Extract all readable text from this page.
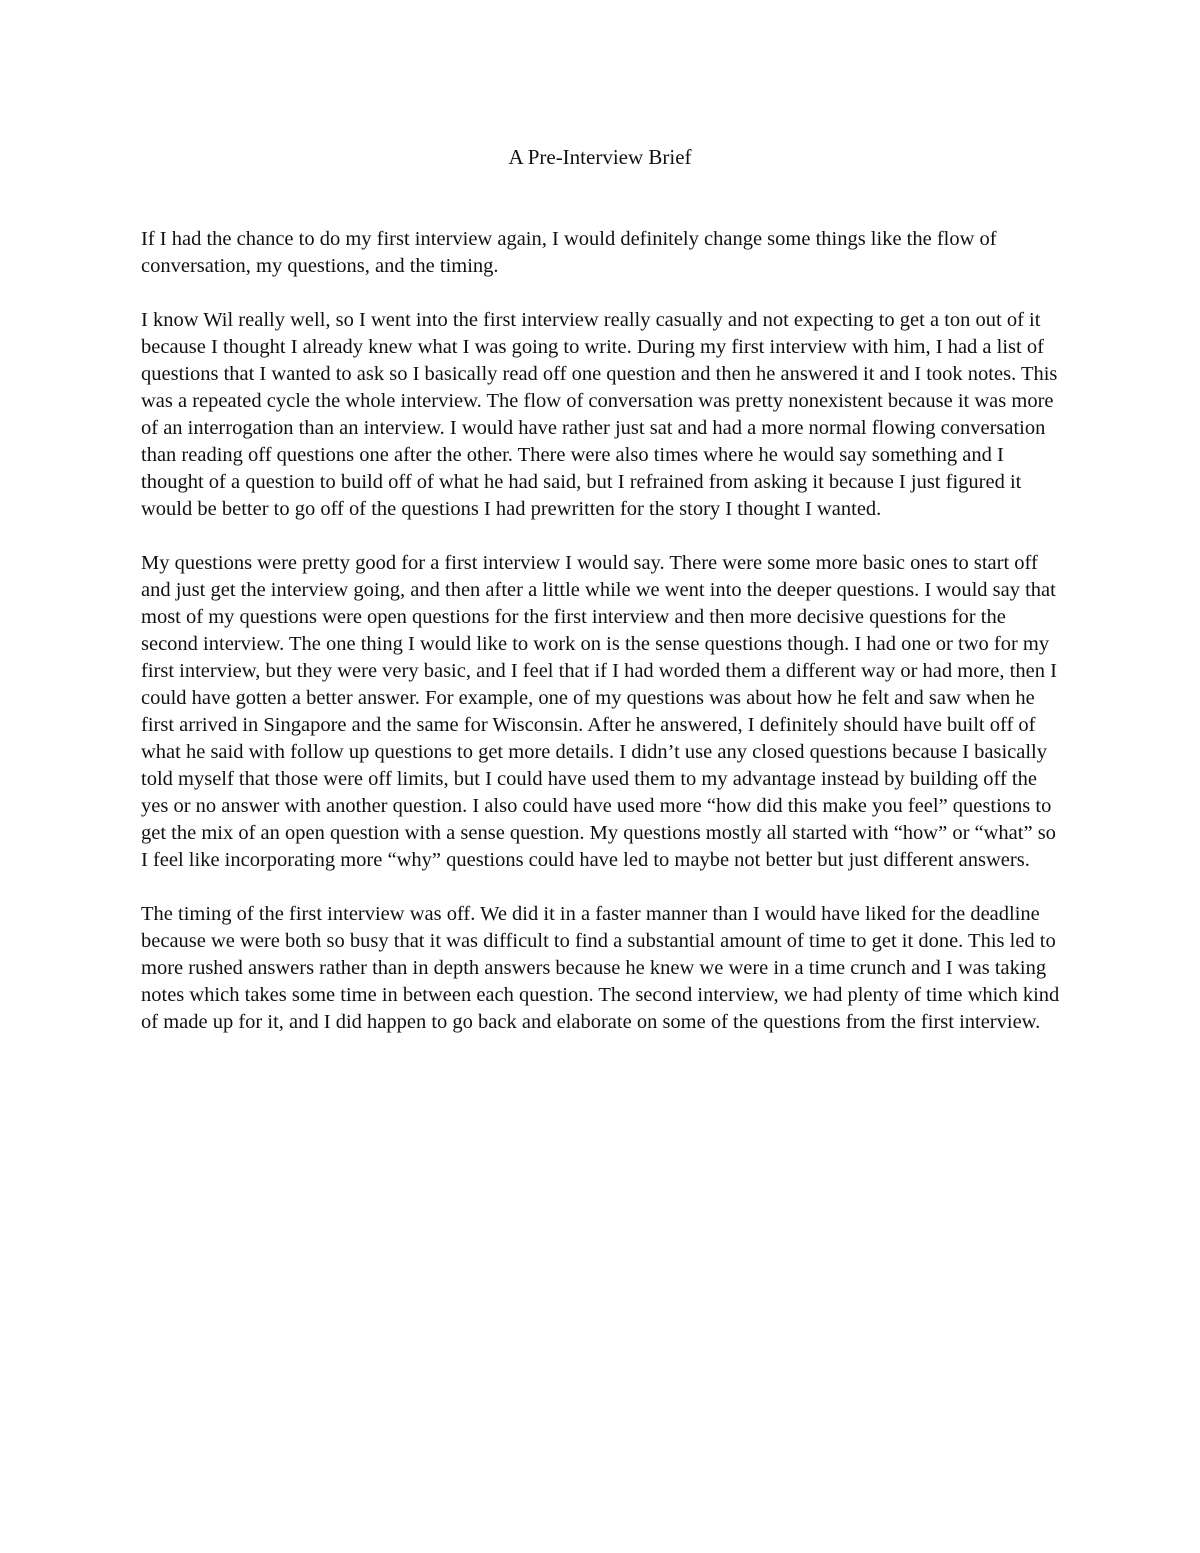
A Pre-Interview Brief

If I had the chance to do my first interview again, I would definitely change some things like the flow of conversation, my questions, and the timing.

I know Wil really well, so I went into the first interview really casually and not expecting to get a ton out of it because I thought I already knew what I was going to write. During my first interview with him, I had a list of questions that I wanted to ask so I basically read off one question and then he answered it and I took notes. This was a repeated cycle the whole interview. The flow of conversation was pretty nonexistent because it was more of an interrogation than an interview. I would have rather just sat and had a more normal flowing conversation than reading off questions one after the other. There were also times where he would say something and I thought of a question to build off of what he had said, but I refrained from asking it because I just figured it would be better to go off of the questions I had prewritten for the story I thought I wanted.

My questions were pretty good for a first interview I would say. There were some more basic ones to start off and just get the interview going, and then after a little while we went into the deeper questions. I would say that most of my questions were open questions for the first interview and then more decisive questions for the second interview. The one thing I would like to work on is the sense questions though. I had one or two for my first interview, but they were very basic, and I feel that if I had worded them a different way or had more, then I could have gotten a better answer. For example, one of my questions was about how he felt and saw when he first arrived in Singapore and the same for Wisconsin. After he answered, I definitely should have built off of what he said with follow up questions to get more details. I didn’t use any closed questions because I basically told myself that those were off limits, but I could have used them to my advantage instead by building off the yes or no answer with another question. I also could have used more “how did this make you feel” questions to get the mix of an open question with a sense question. My questions mostly all started with “how” or “what” so I feel like incorporating more “why” questions could have led to maybe not better but just different answers.

The timing of the first interview was off. We did it in a faster manner than I would have liked for the deadline because we were both so busy that it was difficult to find a substantial amount of time to get it done. This led to more rushed answers rather than in depth answers because he knew we were in a time crunch and I was taking notes which takes some time in between each question. The second interview, we had plenty of time which kind of made up for it, and I did happen to go back and elaborate on some of the questions from the first interview.
